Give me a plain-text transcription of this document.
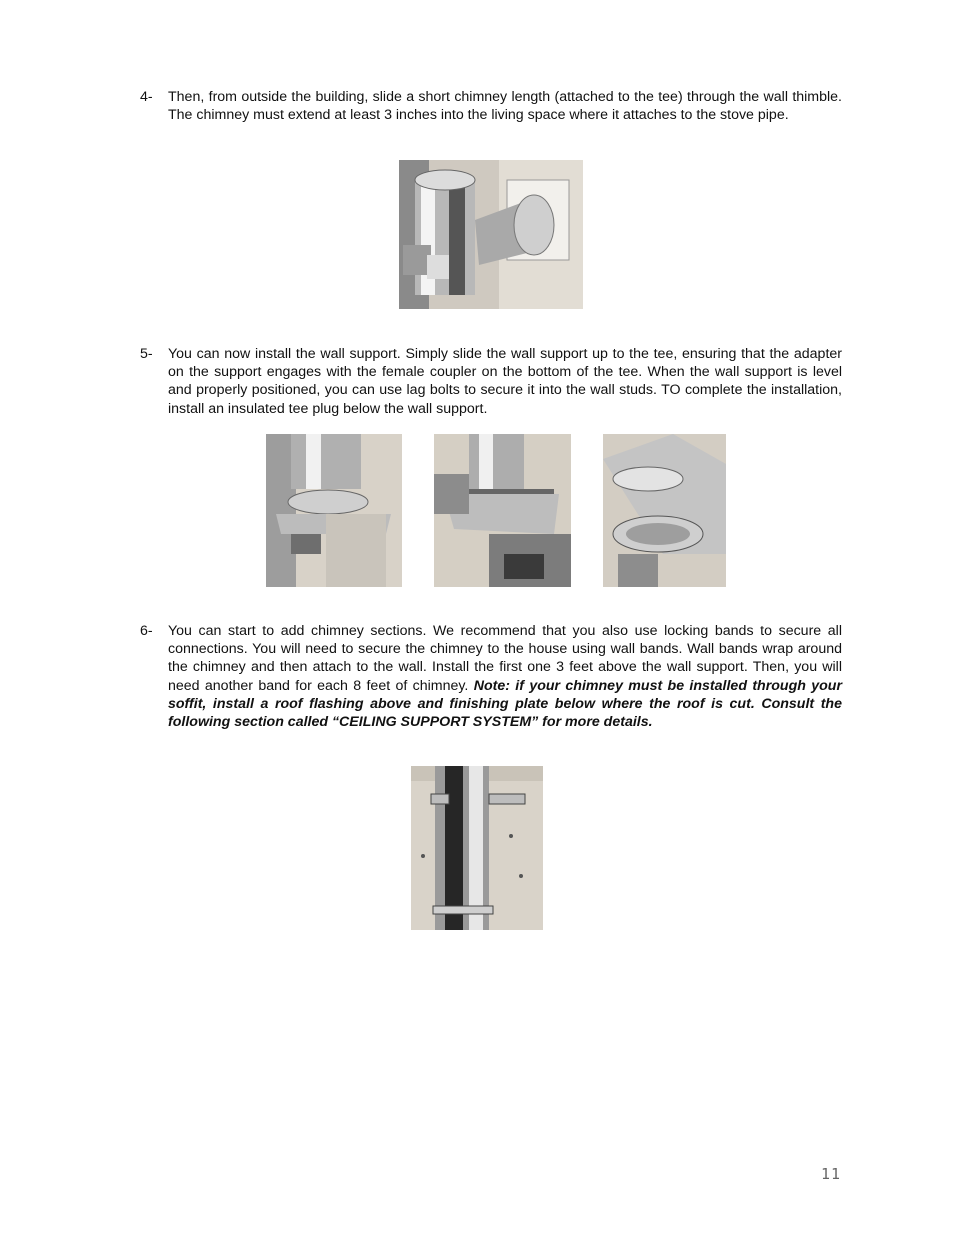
4- Then, from outside the building, slide a short chimney length (attached to the tee) through the wall thimble. The chimney must extend at least 3 inches into the living space where it attaches to the stove pipe.
5- You can now install the wall support. Simply slide the wall support up to the tee, ensuring that the adapter on the support engages with the female coupler on the bottom of the tee. When the wall support is level and properly positioned, you can use lag bolts to secure it into the wall studs. TO complete the installation, install an insulated tee plug below the wall support.
6- You can start to add chimney sections. We recommend that you also use locking bands to secure all connections. You will need to secure the chimney to the house using wall bands. Wall bands wrap around the chimney and then attach to the wall. Install the first one 3 feet above the wall support. Then, you will need another band for each 8 feet of chimney. Note: if your chimney must be installed through your soffit, install a roof flashing above and finishing plate below where the roof is cut. Consult the following section called “CEILING SUPPORT SYSTEM” for more details.
11
